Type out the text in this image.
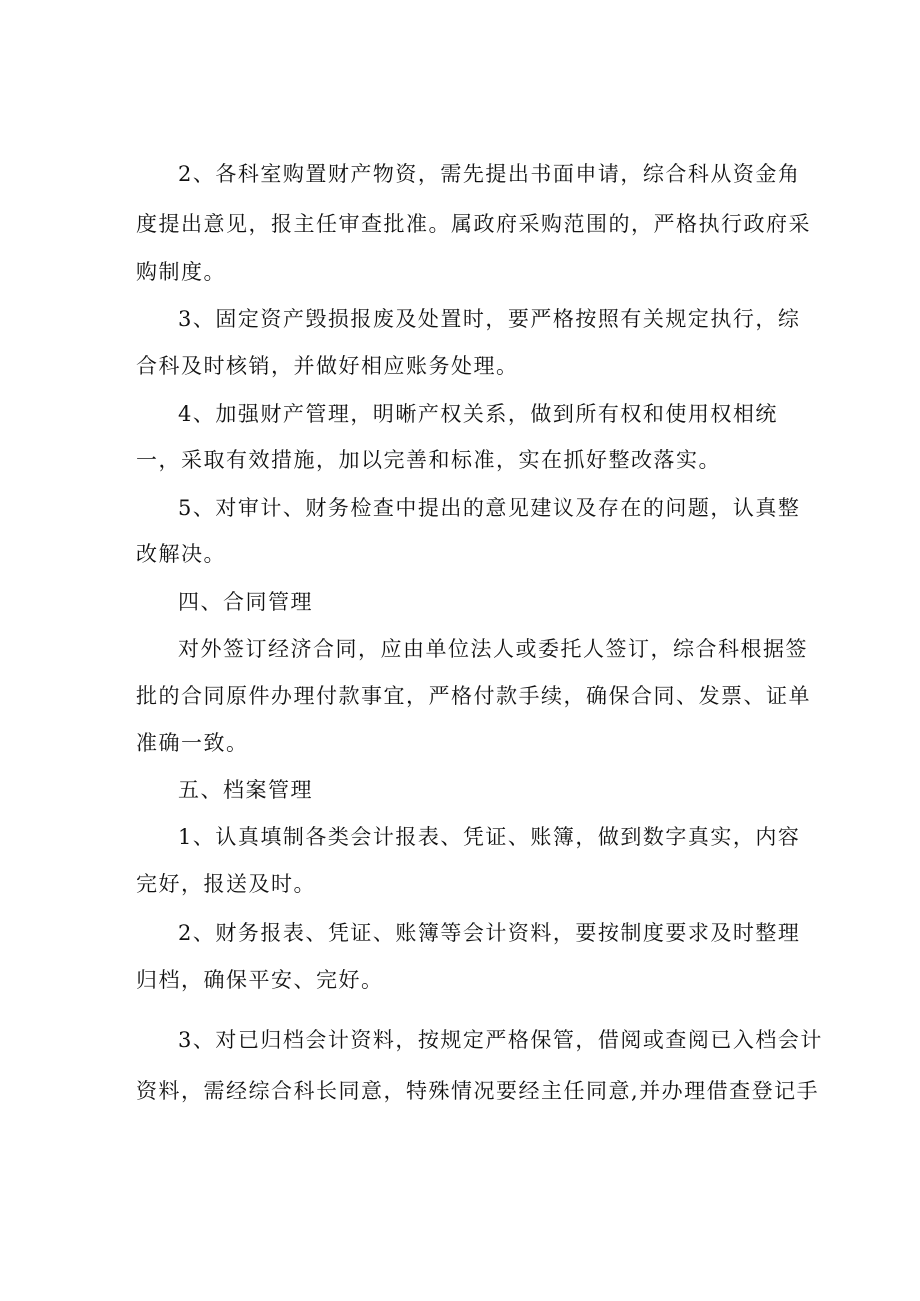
2、各科室购置财产物资，需先提出书面申请，综合科从资金角
度提出意见，报主任审查批准。属政府采购范围的，严格执行政府采
购制度。
3、固定资产毁损报废及处置时，要严格按照有关规定执行，综
合科及时核销，并做好相应账务处理。
4、加强财产管理，明晰产权关系，做到所有权和使用权相统
一，采取有效措施，加以完善和标准，实在抓好整改落实。
5、对审计、财务检查中提出的意见建议及存在的问题，认真整
改解决。
四、合同管理
对外签订经济合同，应由单位法人或委托人签订，综合科根据签
批的合同原件办理付款事宜，严格付款手续，确保合同、发票、证单
准确一致。
五、档案管理
1、认真填制各类会计报表、凭证、账簿，做到数字真实，内容
完好，报送及时。
2、财务报表、凭证、账簿等会计资料，要按制度要求及时整理
归档，确保平安、完好。
3、对已归档会计资料，按规定严格保管，借阅或查阅已入档会计
资料，需经综合科长同意，特殊情况要经主任同意,并办理借查登记手
